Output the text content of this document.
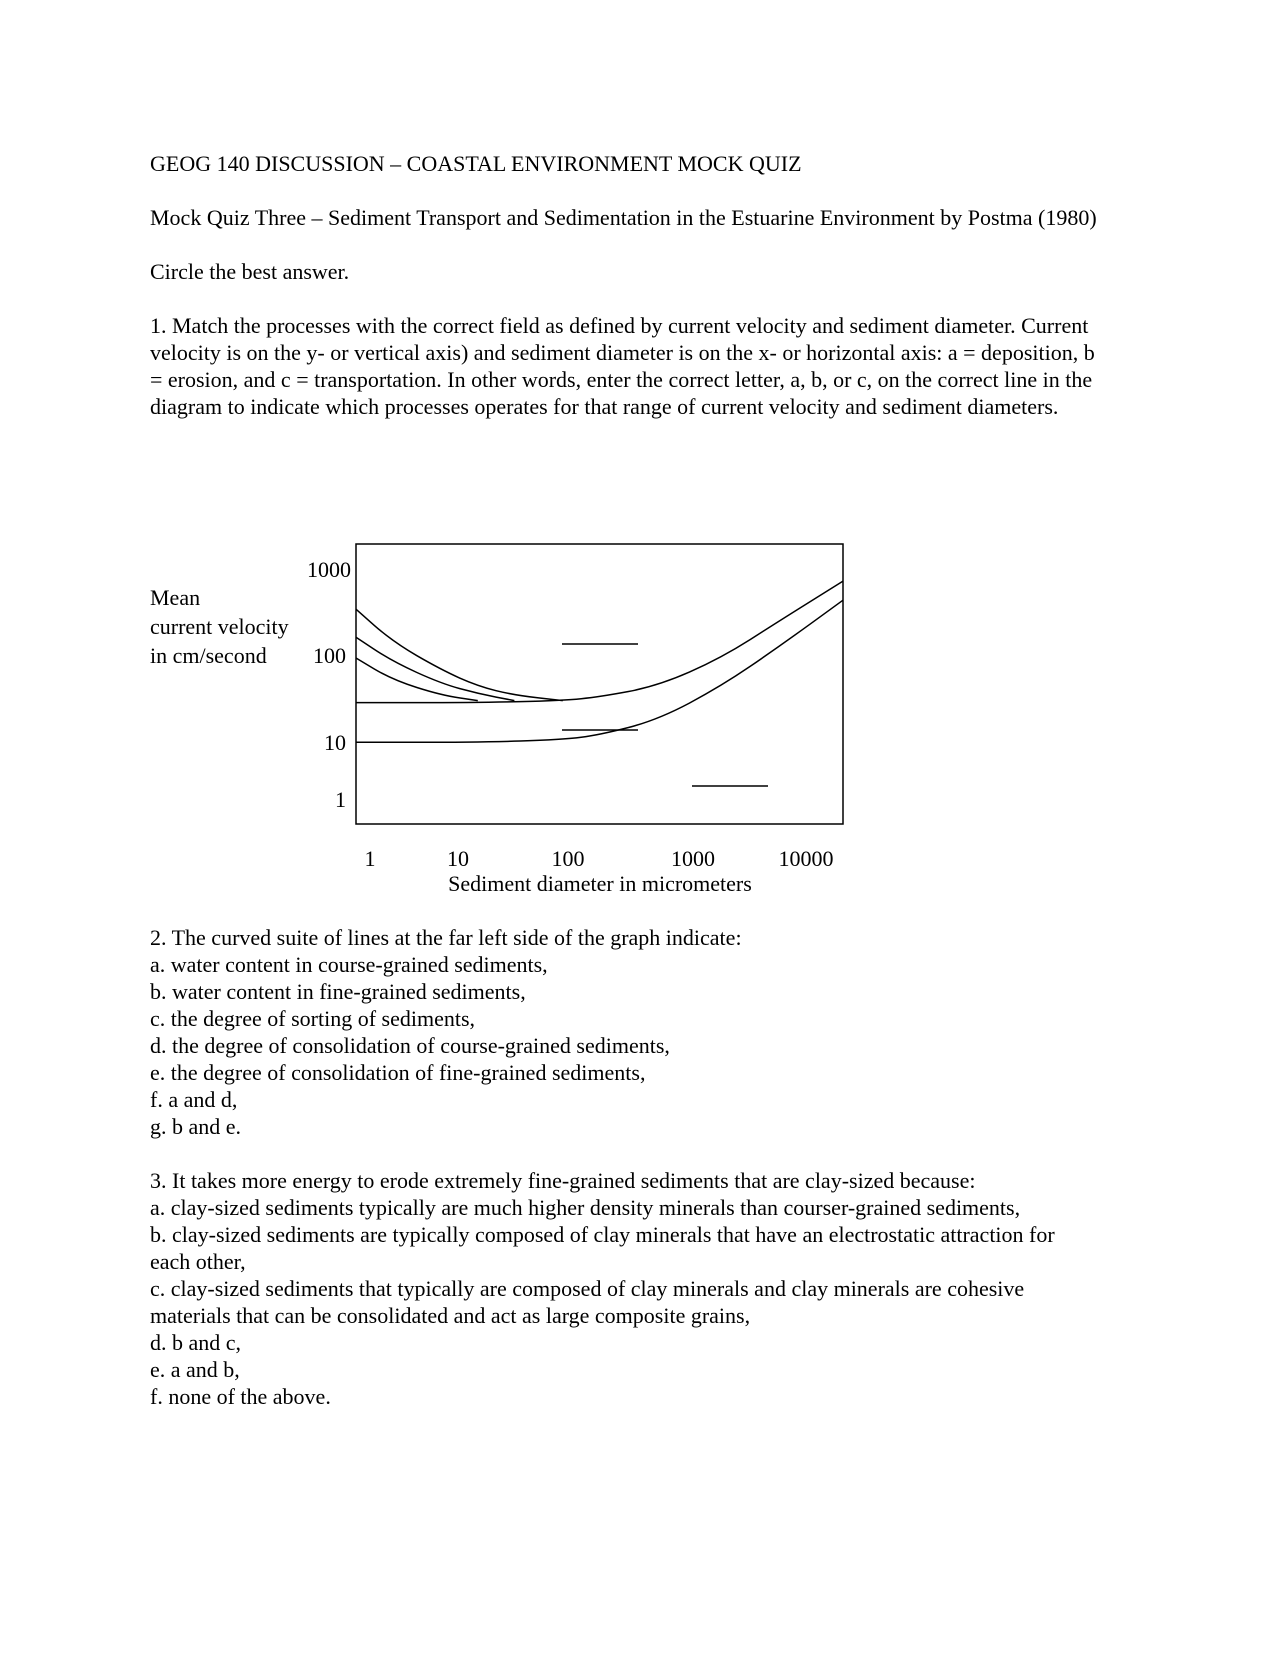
GEOG 140 DISCUSSION – COASTAL ENVIRONMENT MOCK QUIZ

Mock Quiz Three – Sediment Transport and Sedimentation in the Estuarine Environment by Postma (1980)

Circle the best answer.

1. Match the processes with the correct field as defined by current velocity and sediment diameter. Current velocity is on the y- or vertical axis) and sediment diameter is on the x- or horizontal axis: a = deposition, b = erosion, and c = transportation. In other words, enter the correct letter, a, b, or c, on the correct line in the diagram to indicate which processes operates for that range of current velocity and sediment diameters.

Mean
current velocity
in cm/second
1000
100
10
1
1	10	100	1000	10000
Sediment diameter in micrometers

2. The curved suite of lines at the far left side of the graph indicate:

a. water content in course-grained sediments,

b. water content in fine-grained sediments,

c. the degree of sorting of sediments,

d. the degree of consolidation of course-grained sediments,

e. the degree of consolidation of fine-grained sediments,

f. a and d,

g. b and e.

3. It takes more energy to erode extremely fine-grained sediments that are clay-sized because:

a. clay-sized sediments typically are much higher density minerals than courser-grained sediments,

b. clay-sized sediments are typically composed of clay minerals that have an electrostatic attraction for each other,

c. clay-sized sediments that typically are composed of clay minerals and clay minerals are cohesive materials that can be consolidated and act as large composite grains,

d. b and c,

e. a and b,

f. none of the above.
